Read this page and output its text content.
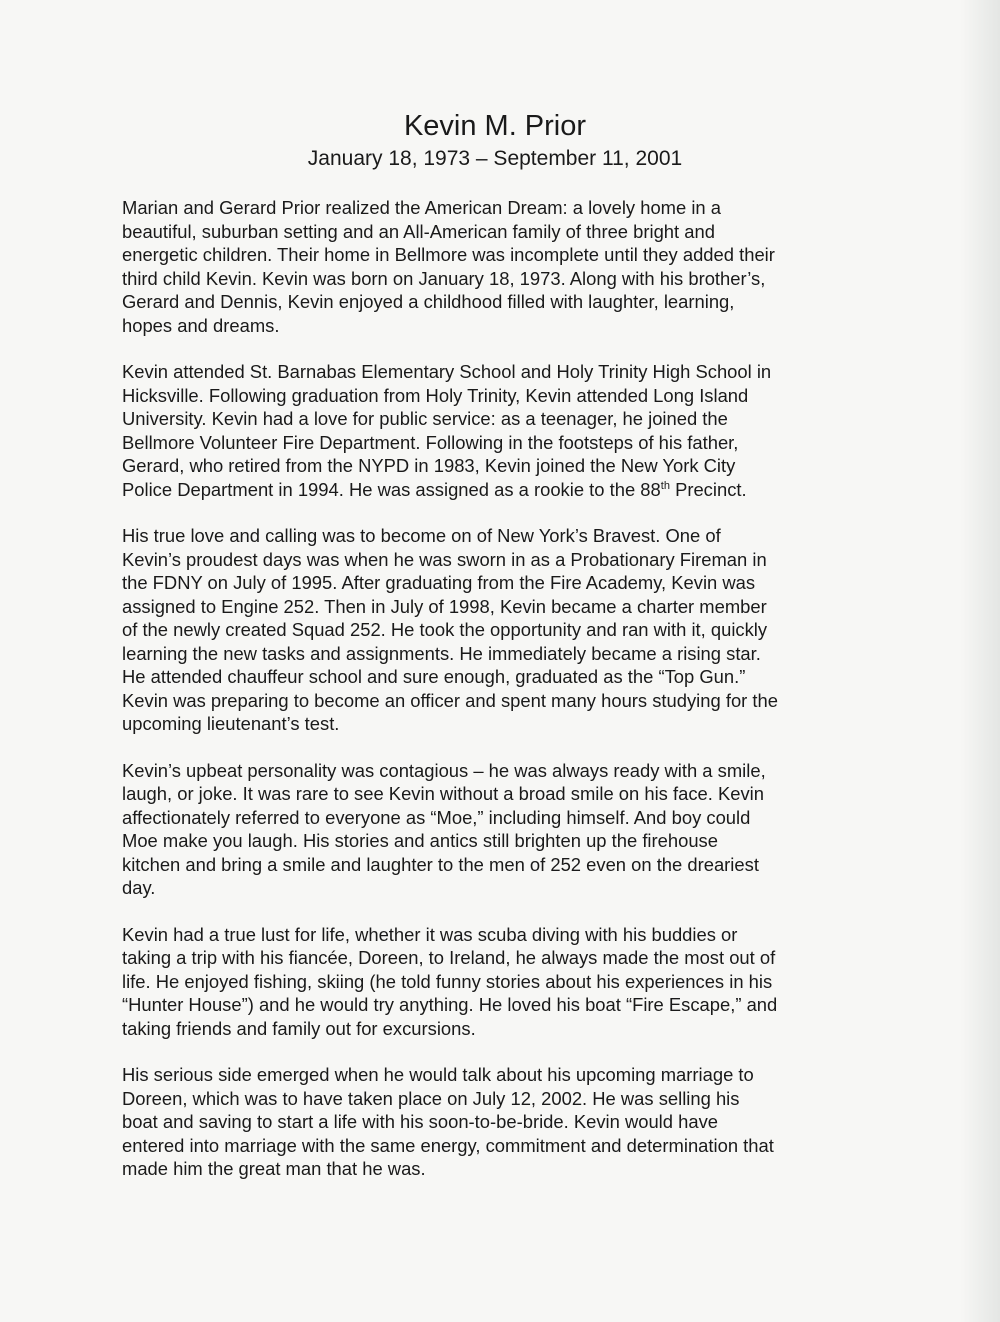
Kevin M. Prior
January 18, 1973 – September 11, 2001

Marian and Gerard Prior realized the American Dream: a lovely home in a
beautiful, suburban setting and an All-American family of three bright and
energetic children. Their home in Bellmore was incomplete until they added their
third child Kevin. Kevin was born on January 18, 1973. Along with his brother’s,
Gerard and Dennis, Kevin enjoyed a childhood filled with laughter, learning,
hopes and dreams.

Kevin attended St. Barnabas Elementary School and Holy Trinity High School in
Hicksville. Following graduation from Holy Trinity, Kevin attended Long Island
University. Kevin had a love for public service: as a teenager, he joined the
Bellmore Volunteer Fire Department. Following in the footsteps of his father,
Gerard, who retired from the NYPD in 1983, Kevin joined the New York City
Police Department in 1994. He was assigned as a rookie to the 88th Precinct.

His true love and calling was to become on of New York’s Bravest. One of
Kevin’s proudest days was when he was sworn in as a Probationary Fireman in
the FDNY on July of 1995. After graduating from the Fire Academy, Kevin was
assigned to Engine 252. Then in July of 1998, Kevin became a charter member
of the newly created Squad 252. He took the opportunity and ran with it, quickly
learning the new tasks and assignments. He immediately became a rising star.
He attended chauffeur school and sure enough, graduated as the “Top Gun.”
Kevin was preparing to become an officer and spent many hours studying for the
upcoming lieutenant’s test.

Kevin’s upbeat personality was contagious – he was always ready with a smile,
laugh, or joke. It was rare to see Kevin without a broad smile on his face. Kevin
affectionately referred to everyone as “Moe,” including himself. And boy could
Moe make you laugh. His stories and antics still brighten up the firehouse
kitchen and bring a smile and laughter to the men of 252 even on the dreariest
day.

Kevin had a true lust for life, whether it was scuba diving with his buddies or
taking a trip with his fiancée, Doreen, to Ireland, he always made the most out of
life. He enjoyed fishing, skiing (he told funny stories about his experiences in his
“Hunter House”) and he would try anything. He loved his boat “Fire Escape,” and
taking friends and family out for excursions.

His serious side emerged when he would talk about his upcoming marriage to
Doreen, which was to have taken place on July 12, 2002. He was selling his
boat and saving to start a life with his soon-to-be-bride. Kevin would have
entered into marriage with the same energy, commitment and determination that
made him the great man that he was.
